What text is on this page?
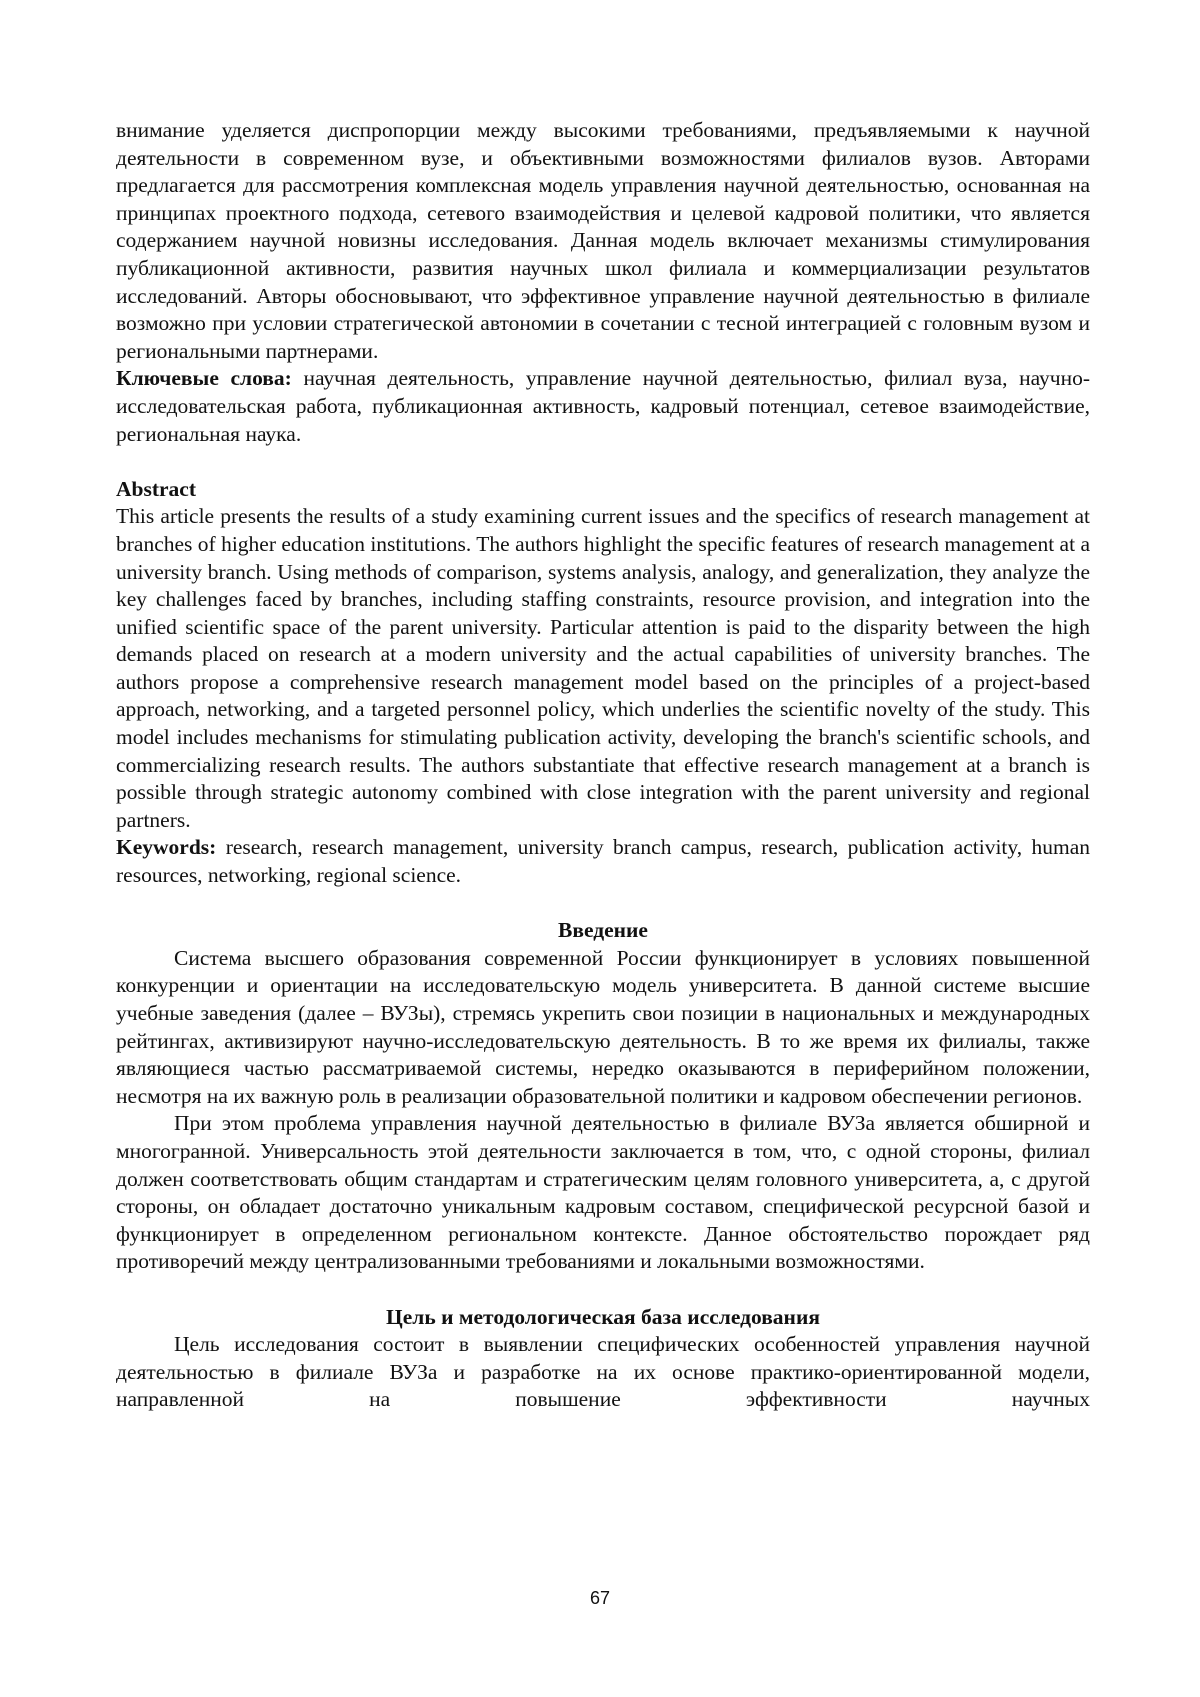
внимание уделяется диспропорции между высокими требованиями, предъявляемыми к научной деятельности в современном вузе, и объективными возможностями филиалов вузов. Авторами предлагается для рассмотрения комплексная модель управления научной деятельностью, основанная на принципах проектного подхода, сетевого взаимодействия и целевой кадровой политики, что является содержанием научной новизны исследования. Данная модель включает механизмы стимулирования публикационной активности, развития научных школ филиала и коммерциализации результатов исследований. Авторы обосновывают, что эффективное управление научной деятельностью в филиале возможно при условии стратегической автономии в сочетании с тесной интеграцией с головным вузом и региональными партнерами.

Ключевые слова: научная деятельность, управление научной деятельностью, филиал вуза, научно-исследовательская работа, публикационная активность, кадровый потенциал, сетевое взаимодействие, региональная наука.

Abstract

This article presents the results of a study examining current issues and the specifics of research management at branches of higher education institutions. The authors highlight the specific features of research management at a university branch. Using methods of comparison, systems analysis, analogy, and generalization, they analyze the key challenges faced by branches, including staffing constraints, resource provision, and integration into the unified scientific space of the parent university. Particular attention is paid to the disparity between the high demands placed on research at a modern university and the actual capabilities of university branches. The authors propose a comprehensive research management model based on the principles of a project-based approach, networking, and a targeted personnel policy, which underlies the scientific novelty of the study. This model includes mechanisms for stimulating publication activity, developing the branch's scientific schools, and commercializing research results. The authors substantiate that effective research management at a branch is possible through strategic autonomy combined with close integration with the parent university and regional partners.

Keywords: research, research management, university branch campus, research, publication activity, human resources, networking, regional science.

Введение

Система высшего образования современной России функционирует в условиях повышенной конкуренции и ориентации на исследовательскую модель университета. В данной системе высшие учебные заведения (далее – ВУЗы), стремясь укрепить свои позиции в национальных и международных рейтингах, активизируют научно-исследовательскую деятельность. В то же время их филиалы, также являющиеся частью рассматриваемой системы, нередко оказываются в периферийном положении, несмотря на их важную роль в реализации образовательной политики и кадровом обеспечении регионов.

При этом проблема управления научной деятельностью в филиале ВУЗа является обширной и многогранной. Универсальность этой деятельности заключается в том, что, с одной стороны, филиал должен соответствовать общим стандартам и стратегическим целям головного университета, а, с другой стороны, он обладает достаточно уникальным кадровым составом, специфической ресурсной базой и функционирует в определенном региональном контексте. Данное обстоятельство порождает ряд противоречий между централизованными требованиями и локальными возможностями.

Цель и методологическая база исследования

Цель исследования состоит в выявлении специфических особенностей управления научной деятельностью в филиале ВУЗа и разработке на их основе практико-ориентированной модели, направленной на повышение эффективности научных

67
